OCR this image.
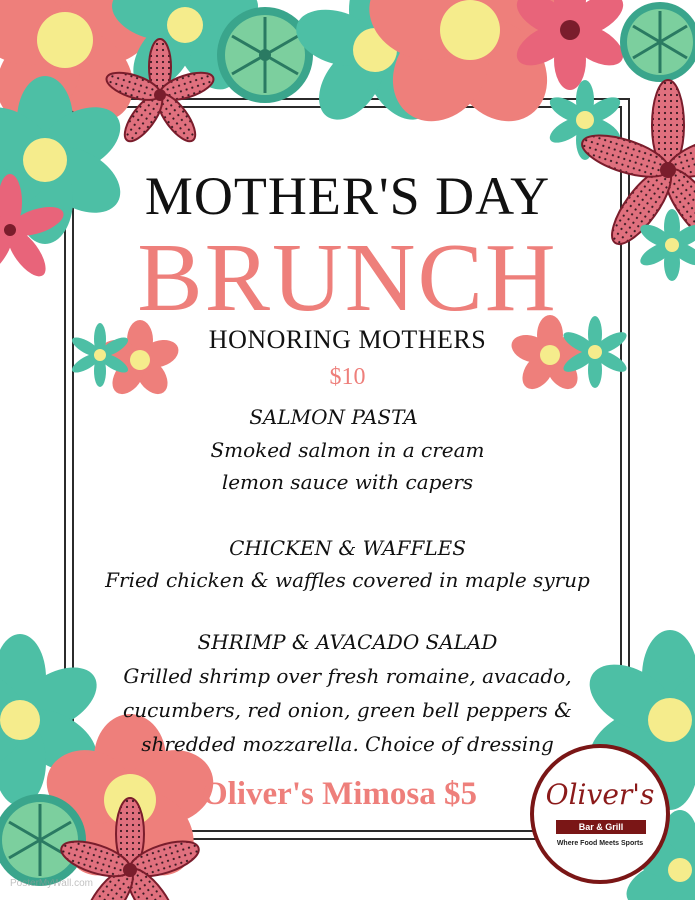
MOTHER'S DAY
BRUNCH
HONORING MOTHERS
$10
SALMON PASTA
Smoked salmon in a cream
lemon sauce with capers
CHICKEN & WAFFLES
Fried chicken & waffles covered in maple syrup
SHRIMP & AVACADO SALAD
Grilled shrimp over fresh romaine, avacado,
cucumbers, red onion, green bell peppers &
shredded mozzarella. Choice of dressing
Oliver's Mimosa $5	Oliver's
Bar & Grill
Where Food Meets Sports
PosterMyWall.com
